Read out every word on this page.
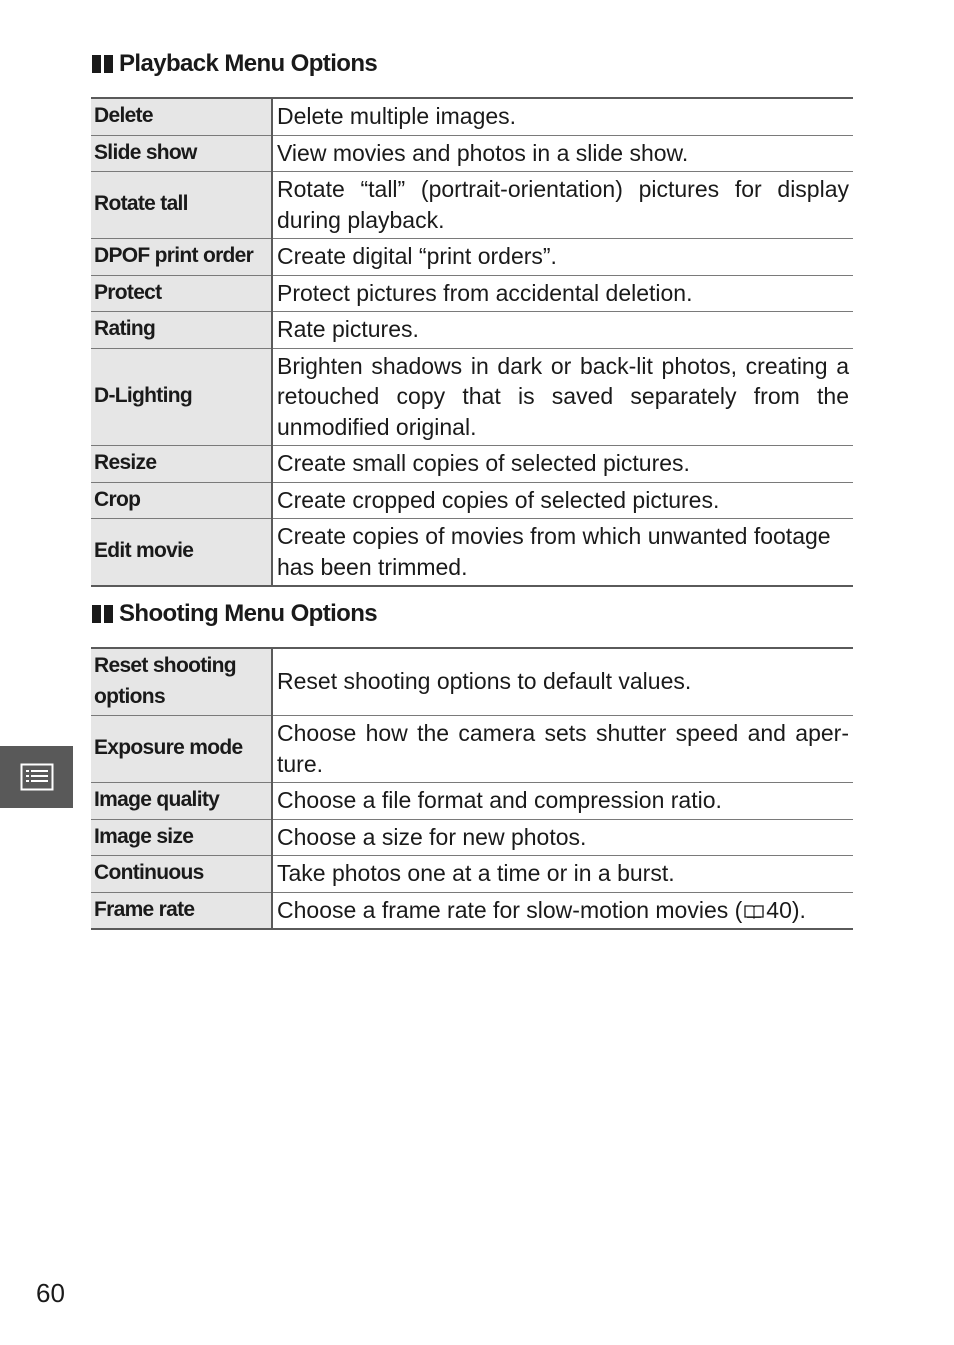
Playback Menu Options
Delete	Delete multiple images.
Slide show	View movies and photos in a slide show.
Rotate tall	Rotate “tall” (portrait-orientation) pictures for display during playback.
DPOF print order	Create digital “print orders”.
Protect	Protect pictures from accidental deletion.
Rating	Rate pictures.
D-Lighting	Brighten shadows in dark or back-lit photos, creating a retouched copy that is saved separately from the unmodified original.
Resize	Create small copies of selected pictures.
Crop	Create cropped copies of selected pictures.
Edit movie	Create copies of movies from which unwanted footage has been trimmed.
Shooting Menu Options
Reset shooting options	Reset shooting options to default values.
Exposure mode	Choose how the camera sets shutter speed and aper-ture.
Image quality	Choose a file format and compression ratio.
Image size	Choose a size for new photos.
Continuous	Take photos one at a time or in a burst.
Frame rate	Choose a frame rate for slow-motion movies ( 40).
60
